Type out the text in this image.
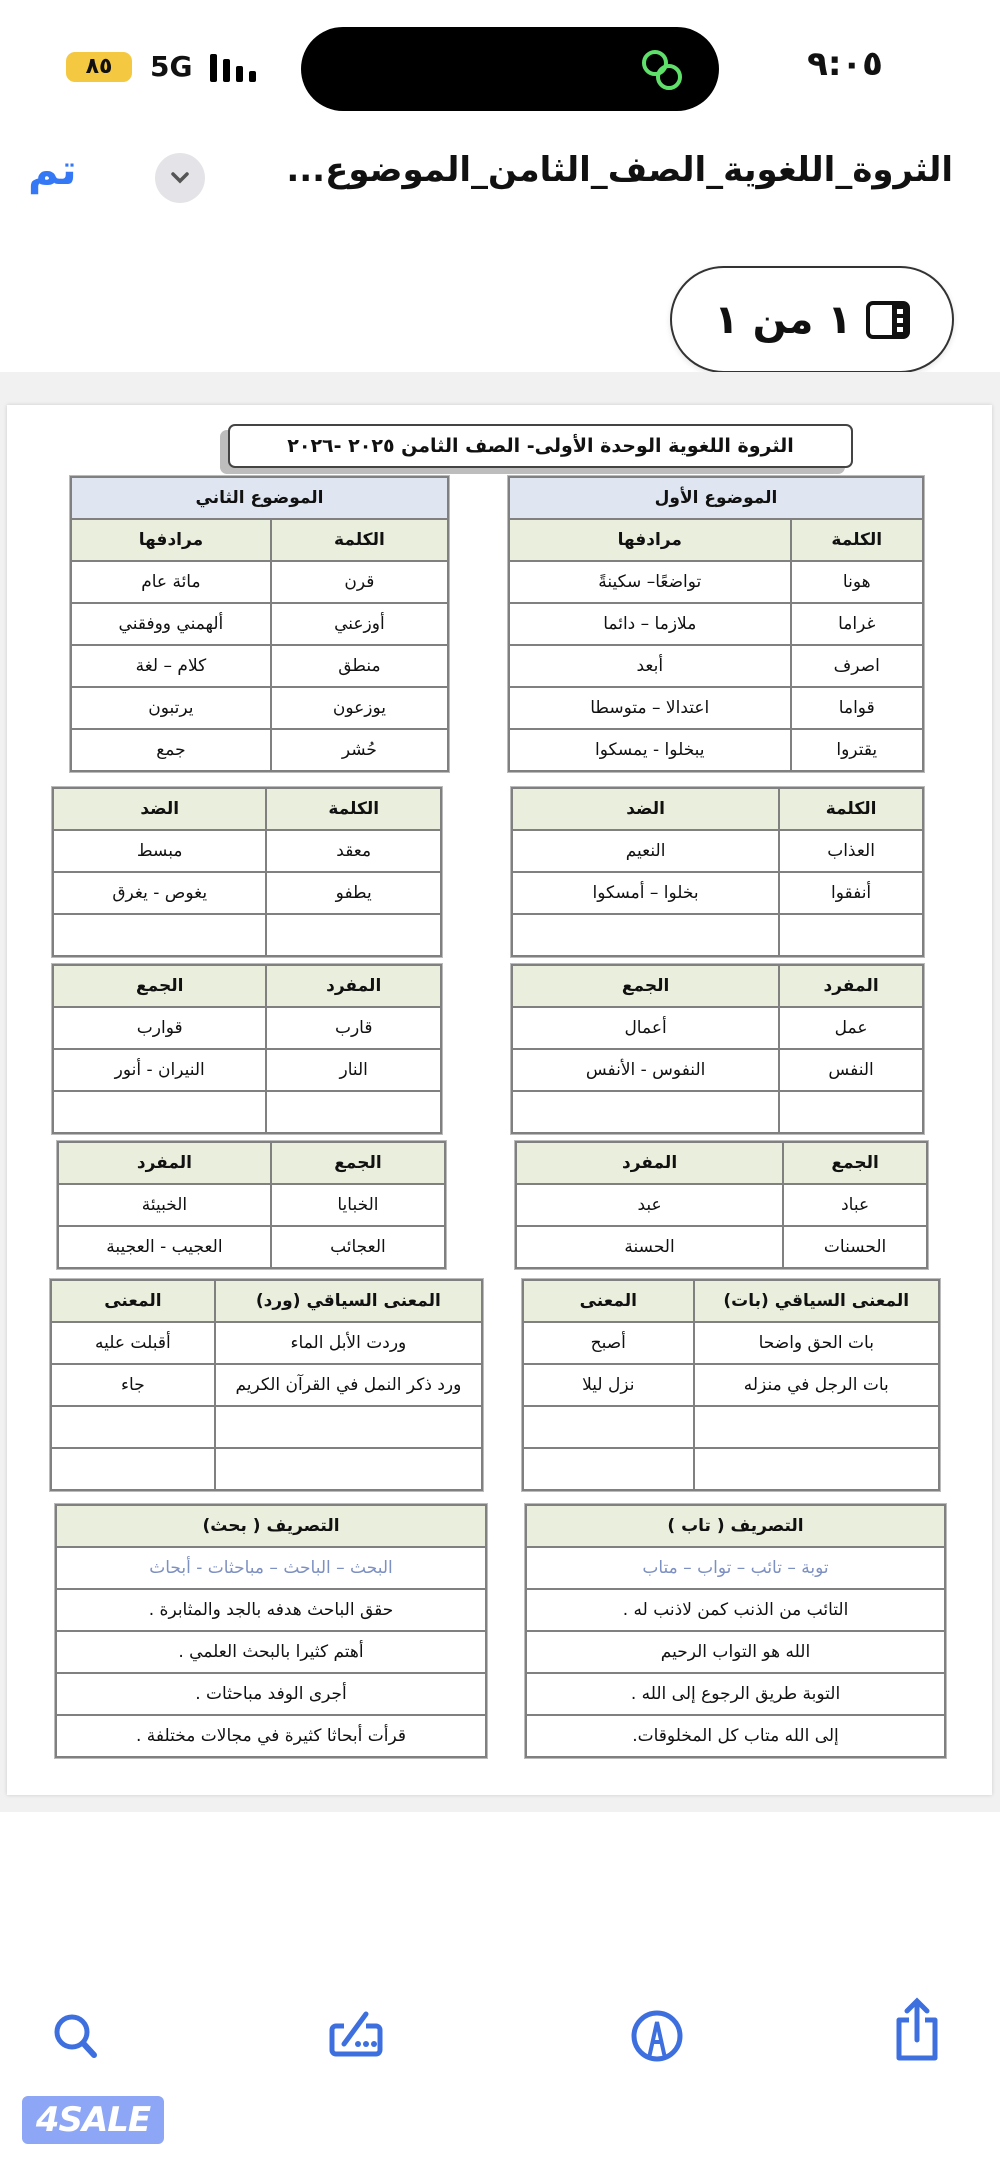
٩:٠٥
٨٥	5G
الثروة_اللغوية_الصف_الثامن_الموضوع...
تم
١ من ١
الثروة اللغوية الوحدة الأولى- الصف الثامن ٢٠٢٥ -٢٠٢٦
الموضوع الأول	
الكلمة	مرادفها
هونا	تواضعًا– سكينةً
غراما	ملازما – دائما
اصرف	أبعد
قواما	اعتدالا – متوسطا
يقتروا	يبخلوا - يمسكوا
الموضوع الثاني	
الكلمة	مرادفها
قرن	مائة عام
أوزعني	ألهمني ووفقني
منطق	كلام – لغة
يوزعون	يرتبون
حُشر	جمع
الكلمة	الضد
العذاب	النعيم
أنفقوا	بخلوا – أمسكوا

الكلمة	الضد
معقد	مبسط
يطفو	يغوص - يغرق

المفرد	الجمع
عمل	أعمال
النفس	النفوس - الأنفس

المفرد	الجمع
قارب	قوارب
النار	النيران - أنور

الجمع	المفرد
عباد	عبد
الحسنات	الحسنة
الجمع	المفرد
الخبايا	الخبيئة
العجائب	العجيب - العجيبة
المعنى السياقي (بات)	المعنى
بات الحق واضحا	أصبح
بات الرجل في منزله	نزل ليلا

المعنى السياقي (ورد)	المعنى
وردت الأبل الماء	أقبلت عليه
ورد ذكر النمل في القرآن الكريم	جاء

التصريف ( تاب )
توبة – تائب – تواب – متاب
التائب من الذنب كمن لاذنب له .
الله هو التواب الرحيم
التوبة طريق الرجوع إلى الله .
إلى الله متاب كل المخلوقات.
التصريف ( بحث)
البحث – الباحث – مباحثات - أبحاث
حقق الباحث هدفه بالجد والمثابرة .
أهتم كثيرا بالبحث العلمي .
أجرى الوفد مباحثات .
قرأت أبحاثا كثيرة في مجالات مختلفة .
4SALE
